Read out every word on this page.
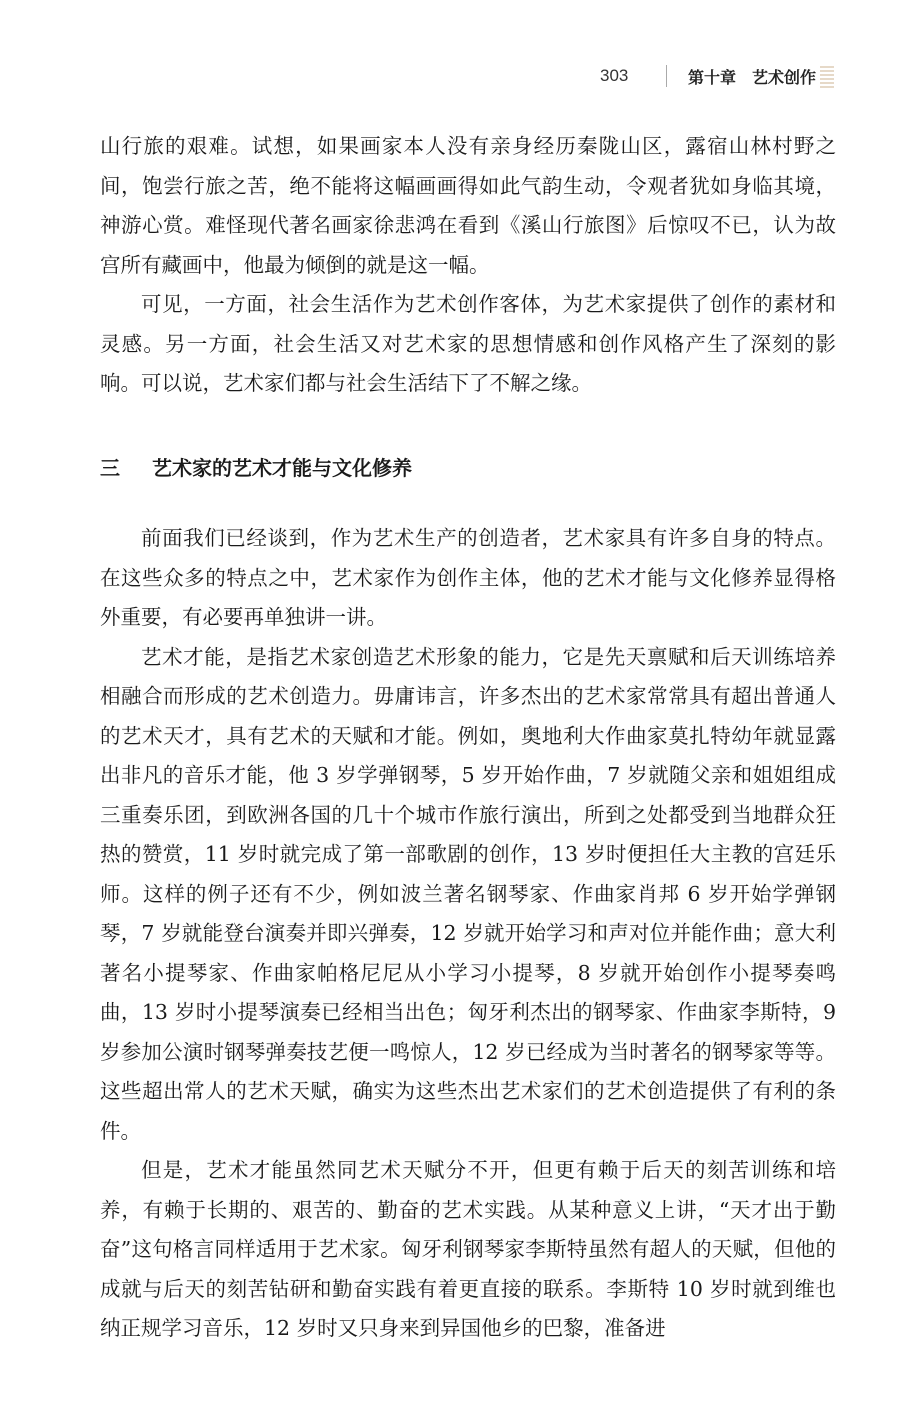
303	第十章 艺术创作

山行旅的艰难。试想，如果画家本人没有亲身经历秦陇山区，露宿山林村野之间，饱尝行旅之苦，绝不能将这幅画画得如此气韵生动，令观者犹如身临其境，神游心赏。难怪现代著名画家徐悲鸿在看到《溪山行旅图》后惊叹不已，认为故宫所有藏画中，他最为倾倒的就是这一幅。

可见，一方面，社会生活作为艺术创作客体，为艺术家提供了创作的素材和灵感。另一方面，社会生活又对艺术家的思想情感和创作风格产生了深刻的影响。可以说，艺术家们都与社会生活结下了不解之缘。

三 艺术家的艺术才能与文化修养

前面我们已经谈到，作为艺术生产的创造者，艺术家具有许多自身的特点。在这些众多的特点之中，艺术家作为创作主体，他的艺术才能与文化修养显得格外重要，有必要再单独讲一讲。

艺术才能，是指艺术家创造艺术形象的能力，它是先天禀赋和后天训练培养相融合而形成的艺术创造力。毋庸讳言，许多杰出的艺术家常常具有超出普通人的艺术天才，具有艺术的天赋和才能。例如，奥地利大作曲家莫扎特幼年就显露出非凡的音乐才能，他 3 岁学弹钢琴，5 岁开始作曲，7 岁就随父亲和姐姐组成三重奏乐团，到欧洲各国的几十个城市作旅行演出，所到之处都受到当地群众狂热的赞赏，11 岁时就完成了第一部歌剧的创作，13 岁时便担任大主教的宫廷乐师。这样的例子还有不少，例如波兰著名钢琴家、作曲家肖邦 6 岁开始学弹钢琴，7 岁就能登台演奏并即兴弹奏，12 岁就开始学习和声对位并能作曲；意大利著名小提琴家、作曲家帕格尼尼从小学习小提琴，8 岁就开始创作小提琴奏鸣曲，13 岁时小提琴演奏已经相当出色；匈牙利杰出的钢琴家、作曲家李斯特，9 岁参加公演时钢琴弹奏技艺便一鸣惊人，12 岁已经成为当时著名的钢琴家等等。这些超出常人的艺术天赋，确实为这些杰出艺术家们的艺术创造提供了有利的条件。

但是，艺术才能虽然同艺术天赋分不开，但更有赖于后天的刻苦训练和培养，有赖于长期的、艰苦的、勤奋的艺术实践。从某种意义上讲，“天才出于勤奋”这句格言同样适用于艺术家。匈牙利钢琴家李斯特虽然有超人的天赋，但他的成就与后天的刻苦钻研和勤奋实践有着更直接的联系。李斯特 10 岁时就到维也纳正规学习音乐，12 岁时又只身来到异国他乡的巴黎，准备进
